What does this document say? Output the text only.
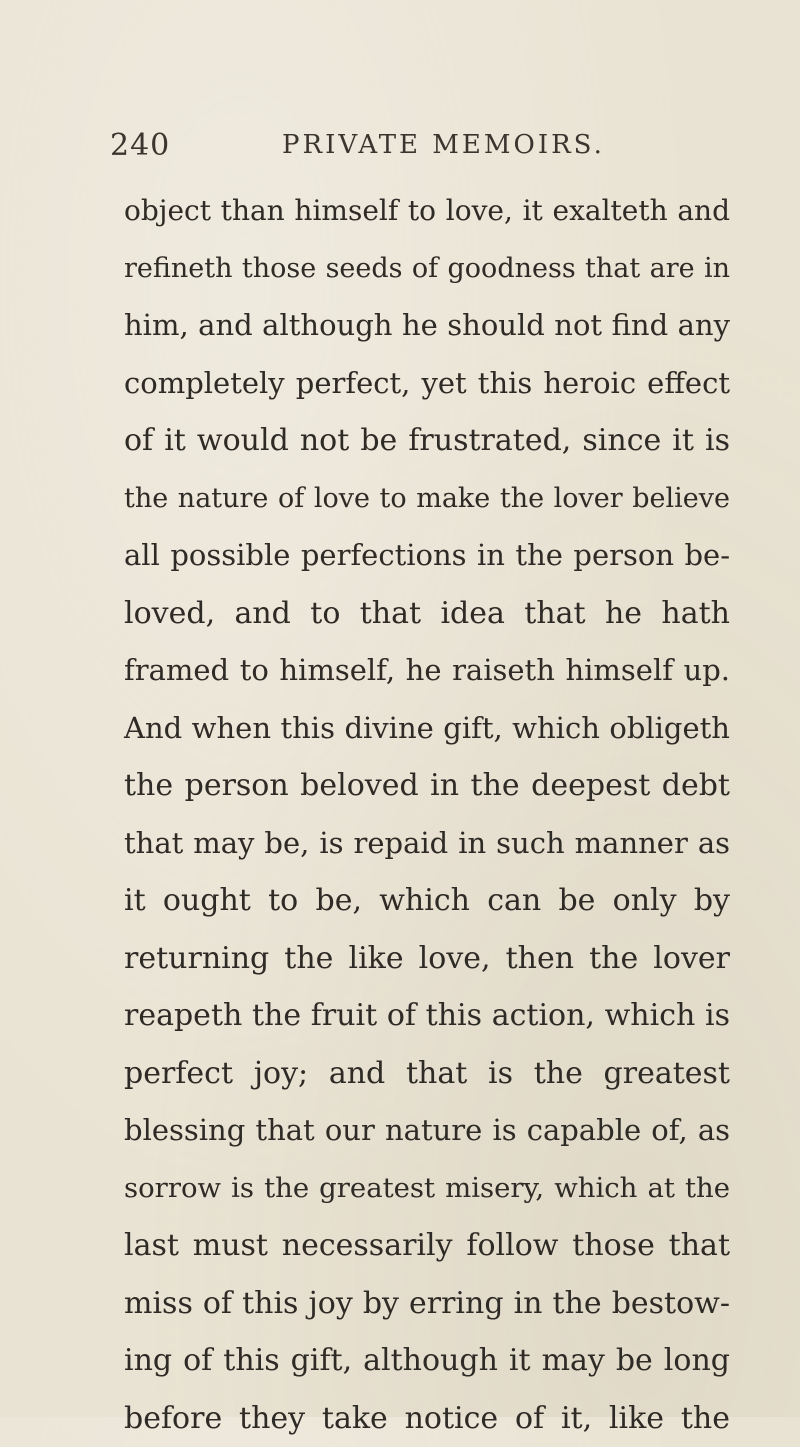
240	PRIVATE MEMOIRS.
object than himself to love, it exalteth and
refineth those seeds of goodness that are in
him, and although he should not find any
completely perfect, yet this heroic effect
of it would not be frustrated, since it is
the nature of love to make the lover believe
all possible perfections in the person be-
loved, and to that idea that he hath
framed to himself, he raiseth himself up.
And when this divine gift, which obligeth
the person beloved in the deepest debt
that may be, is repaid in such manner as
it ought to be, which can be only by
returning the like love, then the lover
reapeth the fruit of this action, which is
perfect joy; and that is the greatest
blessing that our nature is capable of, as
sorrow is the greatest misery, which at the
last must necessarily follow those that
miss of this joy by erring in the bestow-
ing of this gift, although it may be long
before they take notice of it, like the
